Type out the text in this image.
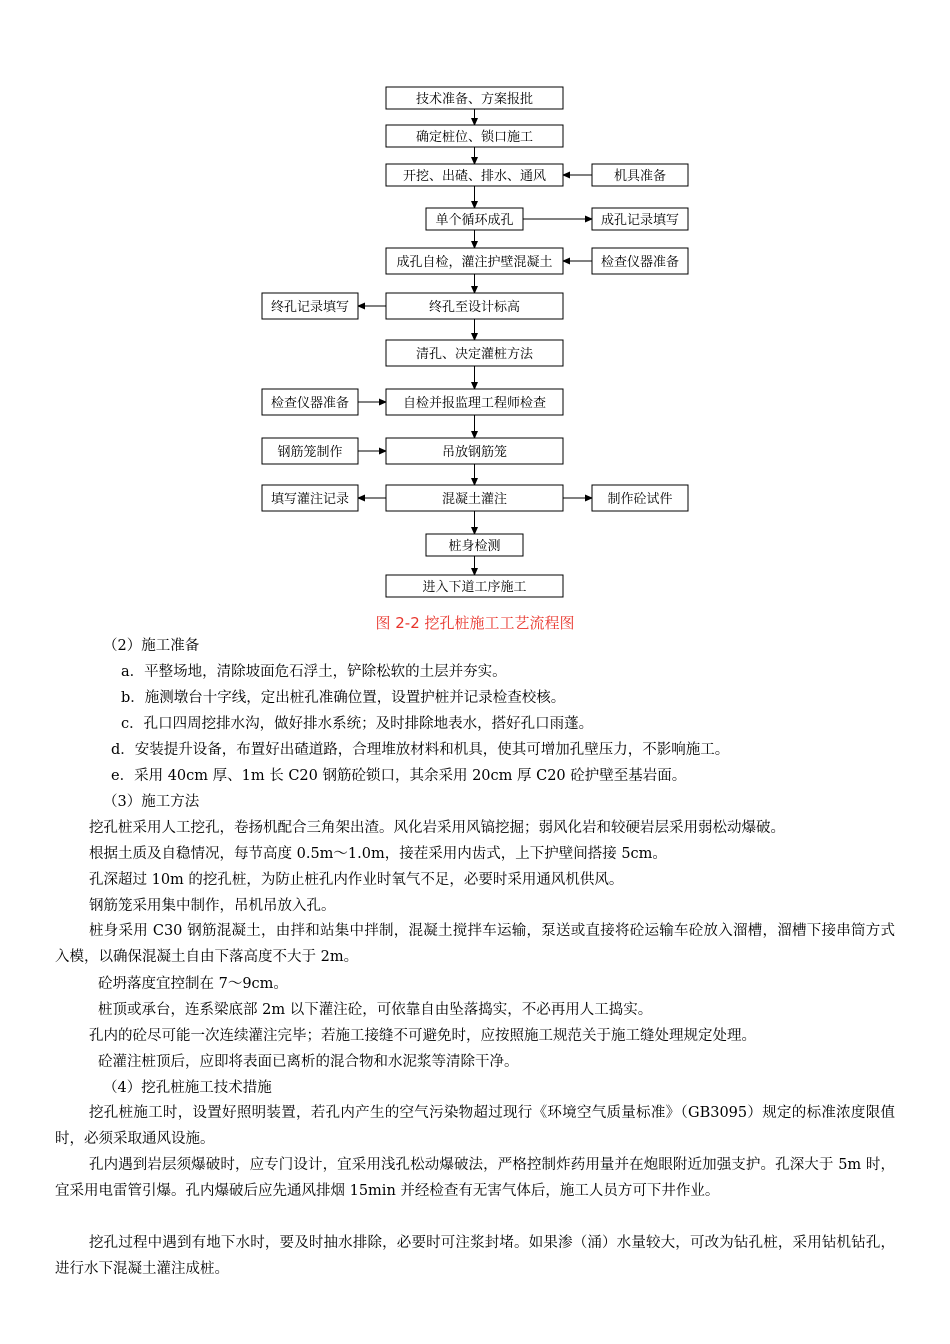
技术准备、方案报批
确定桩位、锁口施工
开挖、出碴、排水、通风
单个循环成孔
成孔自检，灌注护壁混凝土
终孔至设计标高
清孔、决定灌桩方法
自检并报监理工程师检查
吊放钢筋笼
混凝土灌注
桩身检测
进入下道工序施工
机具准备
成孔记录填写
检查仪器准备
制作砼试件
终孔记录填写
检查仪器准备
钢筋笼制作
填写灌注记录
图 2-2 挖孔桩施工工艺流程图
（2）施工准备
a．平整场地，清除坡面危石浮土，铲除松软的土层并夯实。
b．施测墩台十字线，定出桩孔准确位置，设置护桩并记录检查校核。
c．孔口四周挖排水沟，做好排水系统；及时排除地表水，搭好孔口雨蓬。
d．安装提升设备，布置好出碴道路，合理堆放材料和机具，使其可增加孔壁压力，不影响施工。
e．采用 40cm 厚、1m 长 C20 钢筋砼锁口，其余采用 20cm 厚 C20 砼护壁至基岩面。
（3）施工方法
挖孔桩采用人工挖孔，卷扬机配合三角架出渣。风化岩采用风镐挖掘；弱风化岩和较硬岩层采用弱松动爆破。
根据土质及自稳情况，每节高度 0.5m～1.0m，接茬采用内齿式，上下护壁间搭接 5cm。
孔深超过 10m 的挖孔桩，为防止桩孔内作业时氧气不足，必要时采用通风机供风。
钢筋笼采用集中制作，吊机吊放入孔。
桩身采用 C30 钢筋混凝土，由拌和站集中拌制，混凝土搅拌车运输，泵送或直接将砼运输车砼放入溜槽，溜槽下接串筒方式入模，以确保混凝土自由下落高度不大于 2m。
砼坍落度宜控制在 7～9cm。
桩顶或承台，连系梁底部 2m 以下灌注砼，可依靠自由坠落捣实，不必再用人工捣实。
孔内的砼尽可能一次连续灌注完毕；若施工接缝不可避免时，应按照施工规范关于施工缝处理规定处理。
砼灌注桩顶后，应即将表面已离析的混合物和水泥浆等清除干净。
（4）挖孔桩施工技术措施
挖孔桩施工时，设置好照明装置，若孔内产生的空气污染物超过现行《环境空气质量标准》（GB3095）规定的标准浓度限值时，必须采取通风设施。
孔内遇到岩层须爆破时，应专门设计，宜采用浅孔松动爆破法，严格控制炸药用量并在炮眼附近加强支护。孔深大于 5m 时，宜采用电雷管引爆。孔内爆破后应先通风排烟 15min 并经检查有无害气体后，施工人员方可下井作业。
挖孔过程中遇到有地下水时，要及时抽水排除，必要时可注浆封堵。如果渗（涌）水量较大，可改为钻孔桩，采用钻机钻孔，进行水下混凝土灌注成桩。
